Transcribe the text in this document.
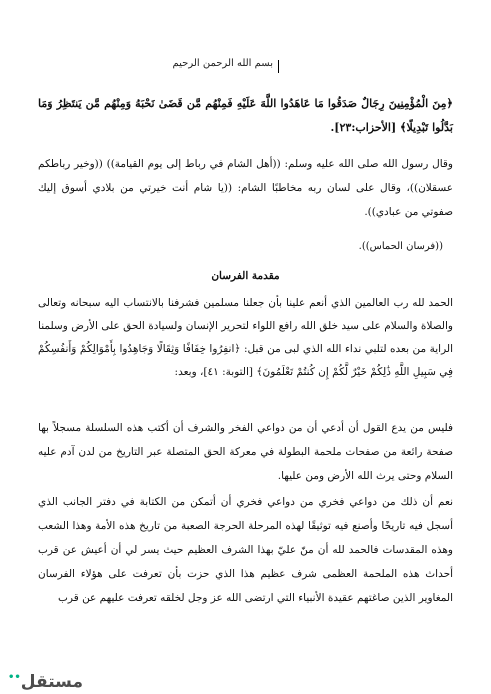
بسم الله الرحمن الرحيم

﴿مِنَ الْمُؤْمِنِينَ رِجَالٌ صَدَقُوا مَا عَاهَدُوا اللَّهَ عَلَيْهِ فَمِنْهُم مَّن قَضَىٰ نَحْبَهُ وَمِنْهُم مَّن يَنتَظِرُ وَمَا بَدَّلُوا تَبْدِيلًا﴾ [الأحزاب:٢٣].

وقال رسول الله صلى الله عليه وسلم: ((أهل الشام في رباط إلى يوم القيامة)) ((وخير رباطكم عسقلان))، وقال على لسان ربه مخاطبًا الشام: ((يا شام أنت خيرتي من بلادي أسوق إليك صفوتي من عبادي)).

((فرسان الحماس)).

مقدمة الفرسان

الحمد لله رب العالمين الذي أنعم علينا بأن جعلنا مسلمين فشرفنا بالانتساب اليه سبحانه وتعالى والصلاة والسلام على سيد خلق الله رافع اللواء لتحرير الإنسان ولسيادة الحق على الأرض وسلمنا الراية من بعده لتلبي نداء الله الذي لبى من قبل: ﴿انفِرُوا خِفَافًا وَثِقَالًا وَجَاهِدُوا بِأَمْوَالِكُمْ وَأَنفُسِكُمْ فِي سَبِيلِ اللَّهِ ذَٰلِكُمْ خَيْرٌ لَّكُمْ إِن كُنتُمْ تَعْلَمُونَ﴾ [التوبة: ٤١]، وبعد:

فليس من يدع القول أن أدعي أن من دواعي الفخر والشرف أن أكتب هذه السلسلة مسجلاً بها صفحة رائعة من صفحات ملحمة البطولة في معركة الحق المتصلة عبر التاريخ من لدن آدم عليه السلام وحتى يرث الله الأرض ومن عليها.

نعم أن ذلك من دواعي فخري من دواعي فخري أن أتمكن من الكتابة في دفتر الجانب الذي أسجل فيه تاريخًا وأصنع فيه توثيقًا لهذه المرحلة الحرجة الصعبة من تاريخ هذه الأمة وهذا الشعب وهذه المقدسات فالحمد لله أن منّ عليّ بهذا الشرف العظيم حيث يسر لي أن أعيش عن قرب أحداث هذه الملحمة العظمى شرف عظيم هذا الذي حزت بأن تعرفت على هؤلاء الفرسان المغاوير الذين صاغتهم عقيدة الأنبياء التي ارتضى الله عز وجل لخلقه تعرفت عليهم عن قرب

مستقل••
